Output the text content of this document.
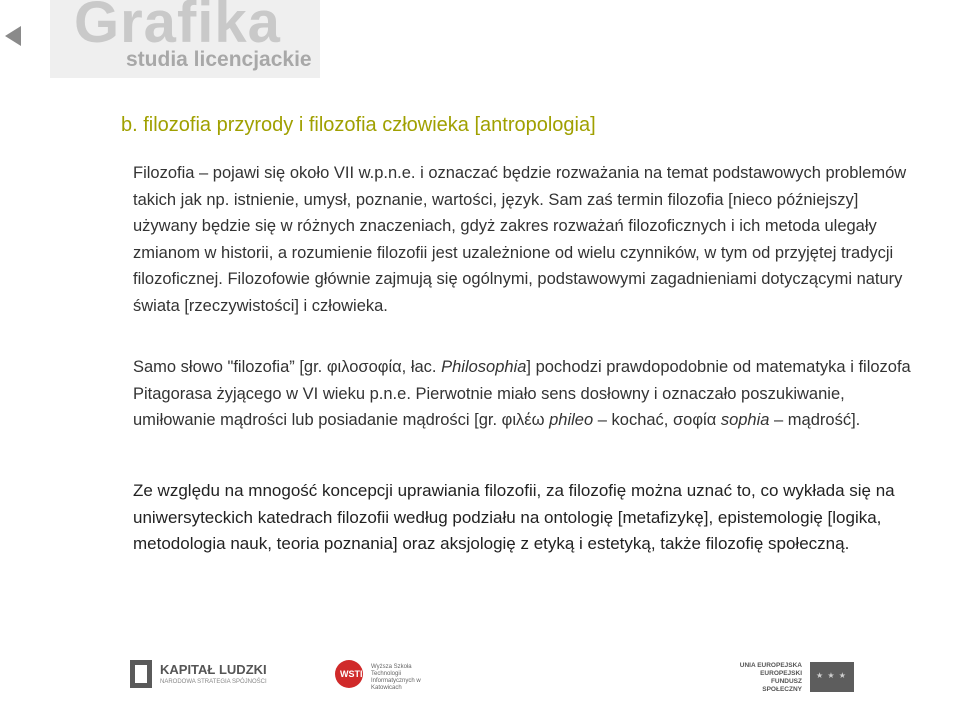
Grafika
studia licencjackie
b. filozofia przyrody i filozofia człowieka [antropologia]
Filozofia – pojawi się około VII w.p.n.e. i oznaczać będzie rozważania na temat podstawowych problemów takich jak np. istnienie, umysł, poznanie, wartości, język. Sam zaś termin filozofia [nieco późniejszy] używany będzie się w różnych znaczeniach, gdyż zakres rozważań filozoficznych i ich metoda ulegały zmianom w historii, a rozumienie filozofii jest uzależnione od wielu czynników, w tym od przyjętej tradycji filozoficznej. Filozofowie głównie zajmują się ogólnymi, podstawowymi zagadnieniami dotyczącymi natury świata [rzeczywistości] i człowieka.
Samo słowo "filozofia” [gr. φιλοσοφία, łac. Philosophia] pochodzi prawdopodobnie od matematyka i filozofa Pitagorasa żyjącego w VI wieku p.n.e. Pierwotnie miało sens dosłowny i oznaczało poszukiwanie, umiłowanie mądrości lub posiadanie mądrości [gr. φιλέω phileo – kochać, σοφία sophia – mądrość].
Ze względu na mnogość koncepcji uprawiania filozofii, za filozofię można uznać to, co wykłada się na uniwersyteckich katedrach filozofii według podziału na ontologię [metafizykę], epistemologię [logika, metodologia nauk, teoria poznania] oraz aksjologię z etyką i estetyką, także filozofię społeczną.
KAPITAŁ LUDZKI
NARODOWA STRATEGIA SPÓJNOŚCI
WSTI
Wyższa Szkoła Technologii Informatycznych w Katowicach
UNIA EUROPEJSKA EUROPEJSKI FUNDUSZ SPOŁECZNY
★ ★ ★
